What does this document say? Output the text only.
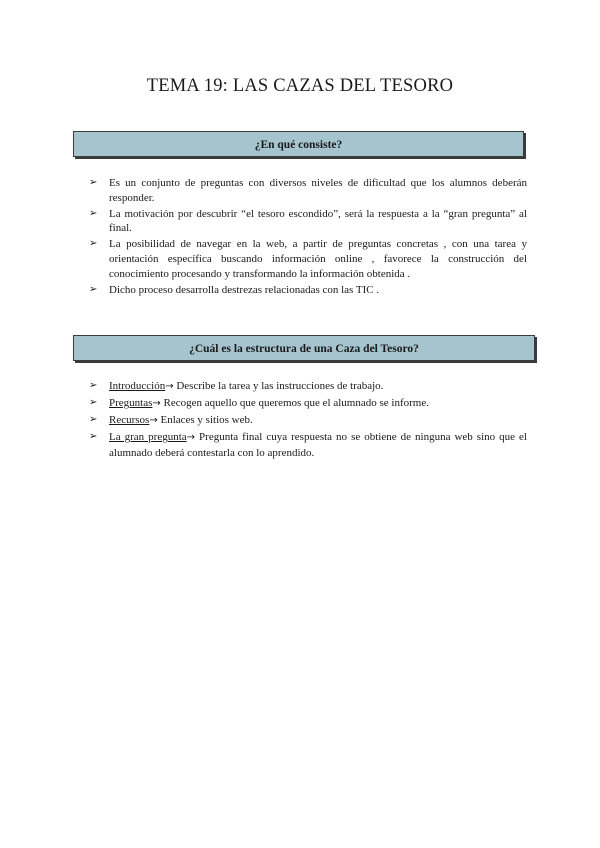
TEMA 19: LAS CAZAS DEL TESORO
¿En qué consiste?
➢ Es un conjunto de preguntas con diversos niveles de dificultad que los alumnos deberán responder.
➢ La motivación por descubrir “el tesoro escondido”, será la respuesta a la “gran pregunta” al final.
➢ La posibilidad de navegar en la web, a partir de preguntas concretas , con una tarea y orientación específica buscando información online , favorece la construcción del conocimiento procesando y transformando la información obtenida .
➢ Dicho proceso desarrolla destrezas relacionadas con las TIC .
¿Cuál es la estructura de una Caza del Tesoro?
➢ Introducción→ Describe la tarea y las instrucciones de trabajo.
➢ Preguntas→ Recogen aquello que queremos que el alumnado se informe.
➢ Recursos→ Enlaces y sitios web.
➢ La gran pregunta→ Pregunta final cuya respuesta no se obtiene de ninguna web sino que el alumnado deberá contestarla con lo aprendido.
